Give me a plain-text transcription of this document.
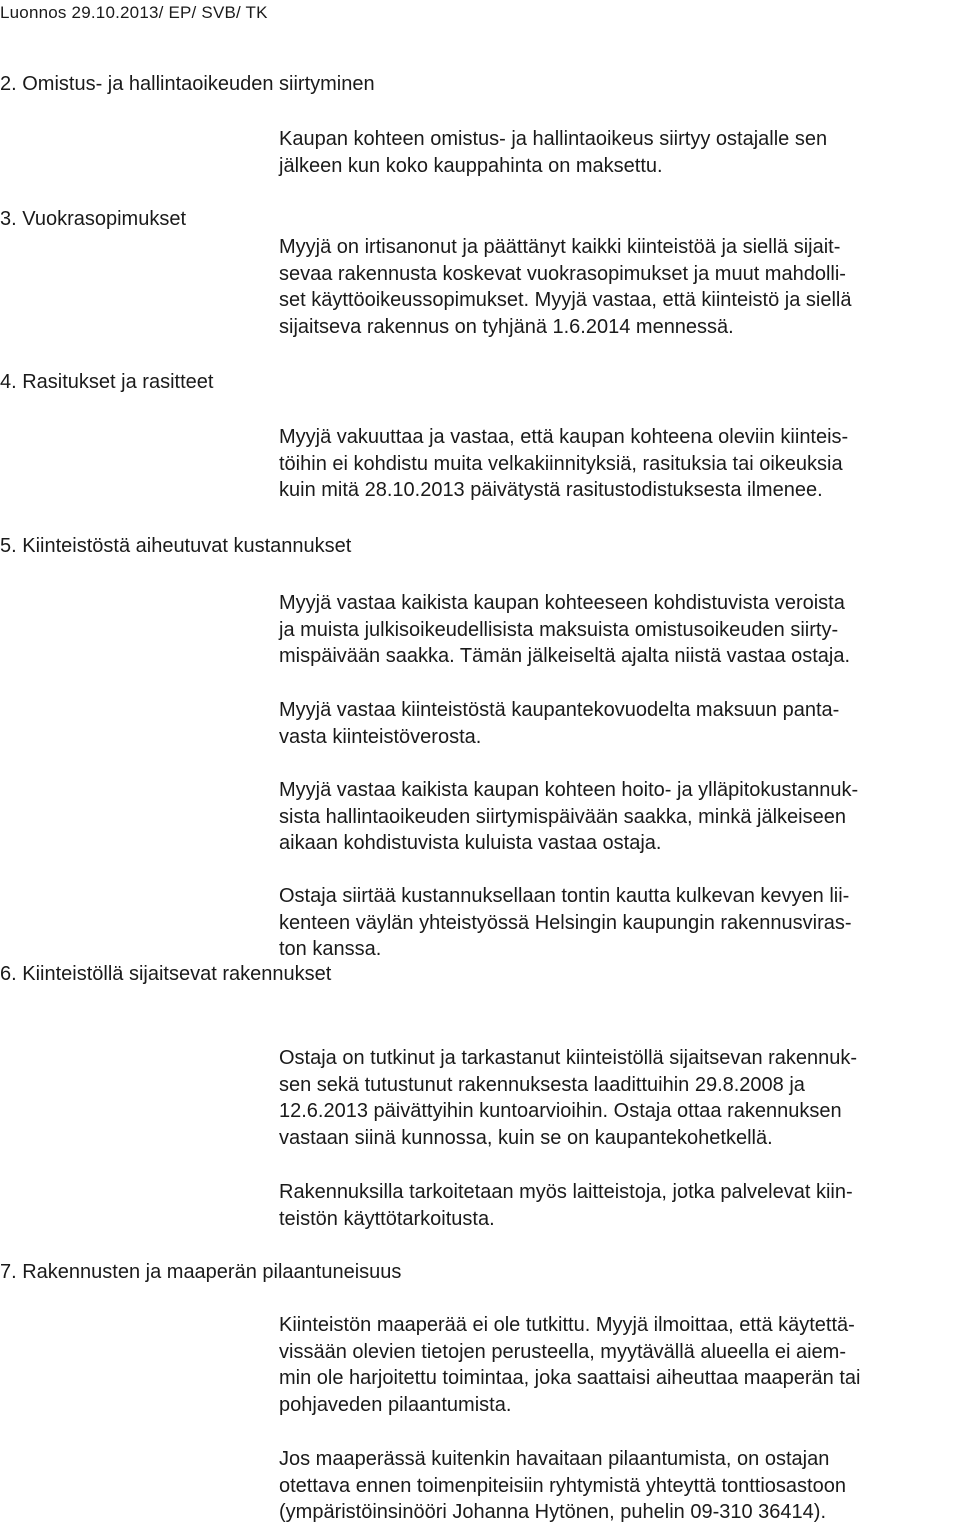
Luonnos 29.10.2013/ EP/ SVB/ TK
2. Omistus- ja hallintaoikeuden siirtyminen
3. Vuokrasopimukset
4. Rasitukset ja rasitteet
5. Kiinteistöstä aiheutuvat kustannukset
6. Kiinteistöllä sijaitsevat rakennukset
7. Rakennusten ja maaperän pilaantuneisuus
Kaupan kohteen omistus- ja hallintaoikeus siirtyy ostajalle sen
jälkeen kun koko kauppahinta on maksettu.
Myyjä on irtisanonut ja päättänyt kaikki kiinteistöä ja siellä sijait-
sevaa rakennusta koskevat vuokrasopimukset ja muut mahdolli-
set käyttöoikeussopimukset. Myyjä vastaa, että kiinteistö ja siellä
sijaitseva rakennus on tyhjänä 1.6.2014 mennessä.
Myyjä vakuuttaa ja vastaa, että kaupan kohteena oleviin kiinteis-
töihin ei kohdistu muita velkakiinnityksiä, rasituksia tai oikeuksia
kuin mitä 28.10.2013 päivätystä rasitustodistuksesta ilmenee.
Myyjä vastaa kaikista kaupan kohteeseen kohdistuvista veroista
ja muista julkisoikeudellisista maksuista omistusoikeuden siirty-
mispäivään saakka. Tämän jälkeiseltä ajalta niistä vastaa ostaja.
Myyjä vastaa kiinteistöstä kaupantekovuodelta maksuun panta-
vasta kiinteistöverosta.
Myyjä vastaa kaikista kaupan kohteen hoito- ja ylläpitokustannuk-
sista hallintaoikeuden siirtymispäivään saakka, minkä jälkeiseen
aikaan kohdistuvista kuluista vastaa ostaja.
Ostaja siirtää kustannuksellaan tontin kautta kulkevan kevyen lii-
kenteen väylän yhteistyössä Helsingin kaupungin rakennusviras-
ton kanssa.
Ostaja on tutkinut ja tarkastanut kiinteistöllä sijaitsevan rakennuk-
sen sekä tutustunut rakennuksesta laadittuihin 29.8.2008 ja
12.6.2013 päivättyihin kuntoarvioihin. Ostaja ottaa rakennuksen
vastaan siinä kunnossa, kuin se on kaupantekohetkellä.
Rakennuksilla tarkoitetaan myös laitteistoja, jotka palvelevat kiin-
teistön käyttötarkoitusta.
Kiinteistön maaperää ei ole tutkittu. Myyjä ilmoittaa, että käytettä-
vissään olevien tietojen perusteella, myytävällä alueella ei aiem-
min ole harjoitettu toimintaa, joka saattaisi aiheuttaa maaperän tai
pohjaveden pilaantumista.
Jos maaperässä kuitenkin havaitaan pilaantumista, on ostajan
otettava ennen toimenpiteisiin ryhtymistä yhteyttä tonttiosastoon
(ympäristöinsinööri Johanna Hytönen, puhelin 09-310 36414).
